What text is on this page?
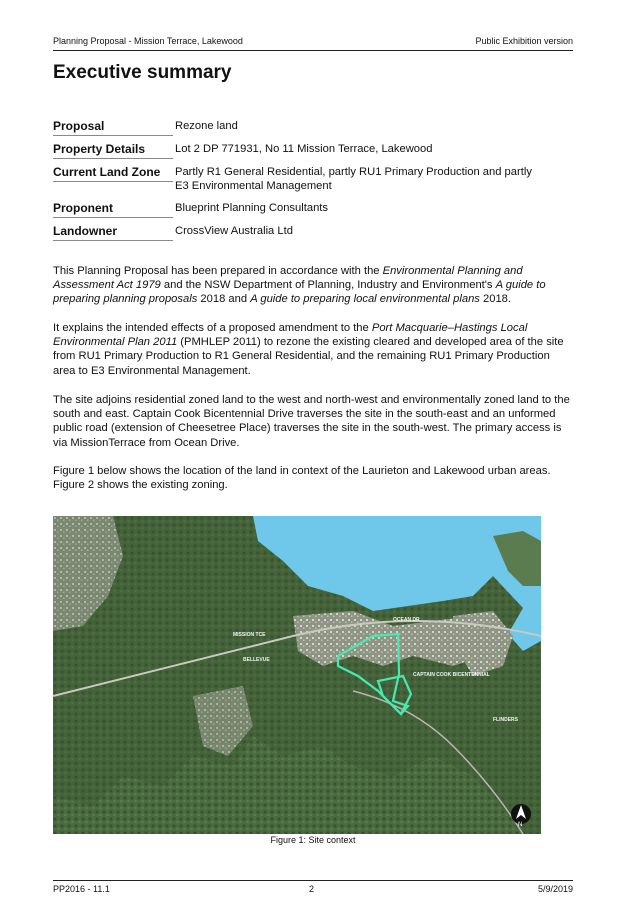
Planning Proposal - Mission Terrace, Lakewood	Public Exhibition version
Executive summary
Proposal	Rezone land
Property Details	Lot 2 DP 771931, No 11 Mission Terrace, Lakewood
Current Land Zone	Partly R1 General Residential, partly RU1 Primary Production and partly E3 Environmental Management
Proponent	Blueprint Planning Consultants
Landowner	CrossView Australia Ltd

This Planning Proposal has been prepared in accordance with the Environmental Planning and Assessment Act 1979 and the NSW Department of Planning, Industry and Environment's A guide to preparing planning proposals 2018 and A guide to preparing local environmental plans 2018.

It explains the intended effects of a proposed amendment to the Port Macquarie–Hastings Local Environmental Plan 2011 (PMHLEP 2011) to rezone the existing cleared and developed area of the site from RU1 Primary Production to R1 General Residential, and the remaining RU1 Primary Production area to E3 Environmental Management.

The site adjoins residential zoned land to the west and north-west and environmentally zoned land to the south and east. Captain Cook Bicentennial Drive traverses the site in the south-east and an unformed public road (extension of Cheesetree Place) traverses the site in the south-west. The primary access is via MissionTerrace from Ocean Drive.

Figure 1 below shows the location of the land in context of the Laurieton and Lakewood urban areas. Figure 2 shows the existing zoning.

OCEAN DR
CAPTAIN COOK BICENTENNIAL
MISSION TCE
FLINDERS
BELLEVUE
N
Figure 1: Site context
PP2016 - 11.1	2	5/9/2019
